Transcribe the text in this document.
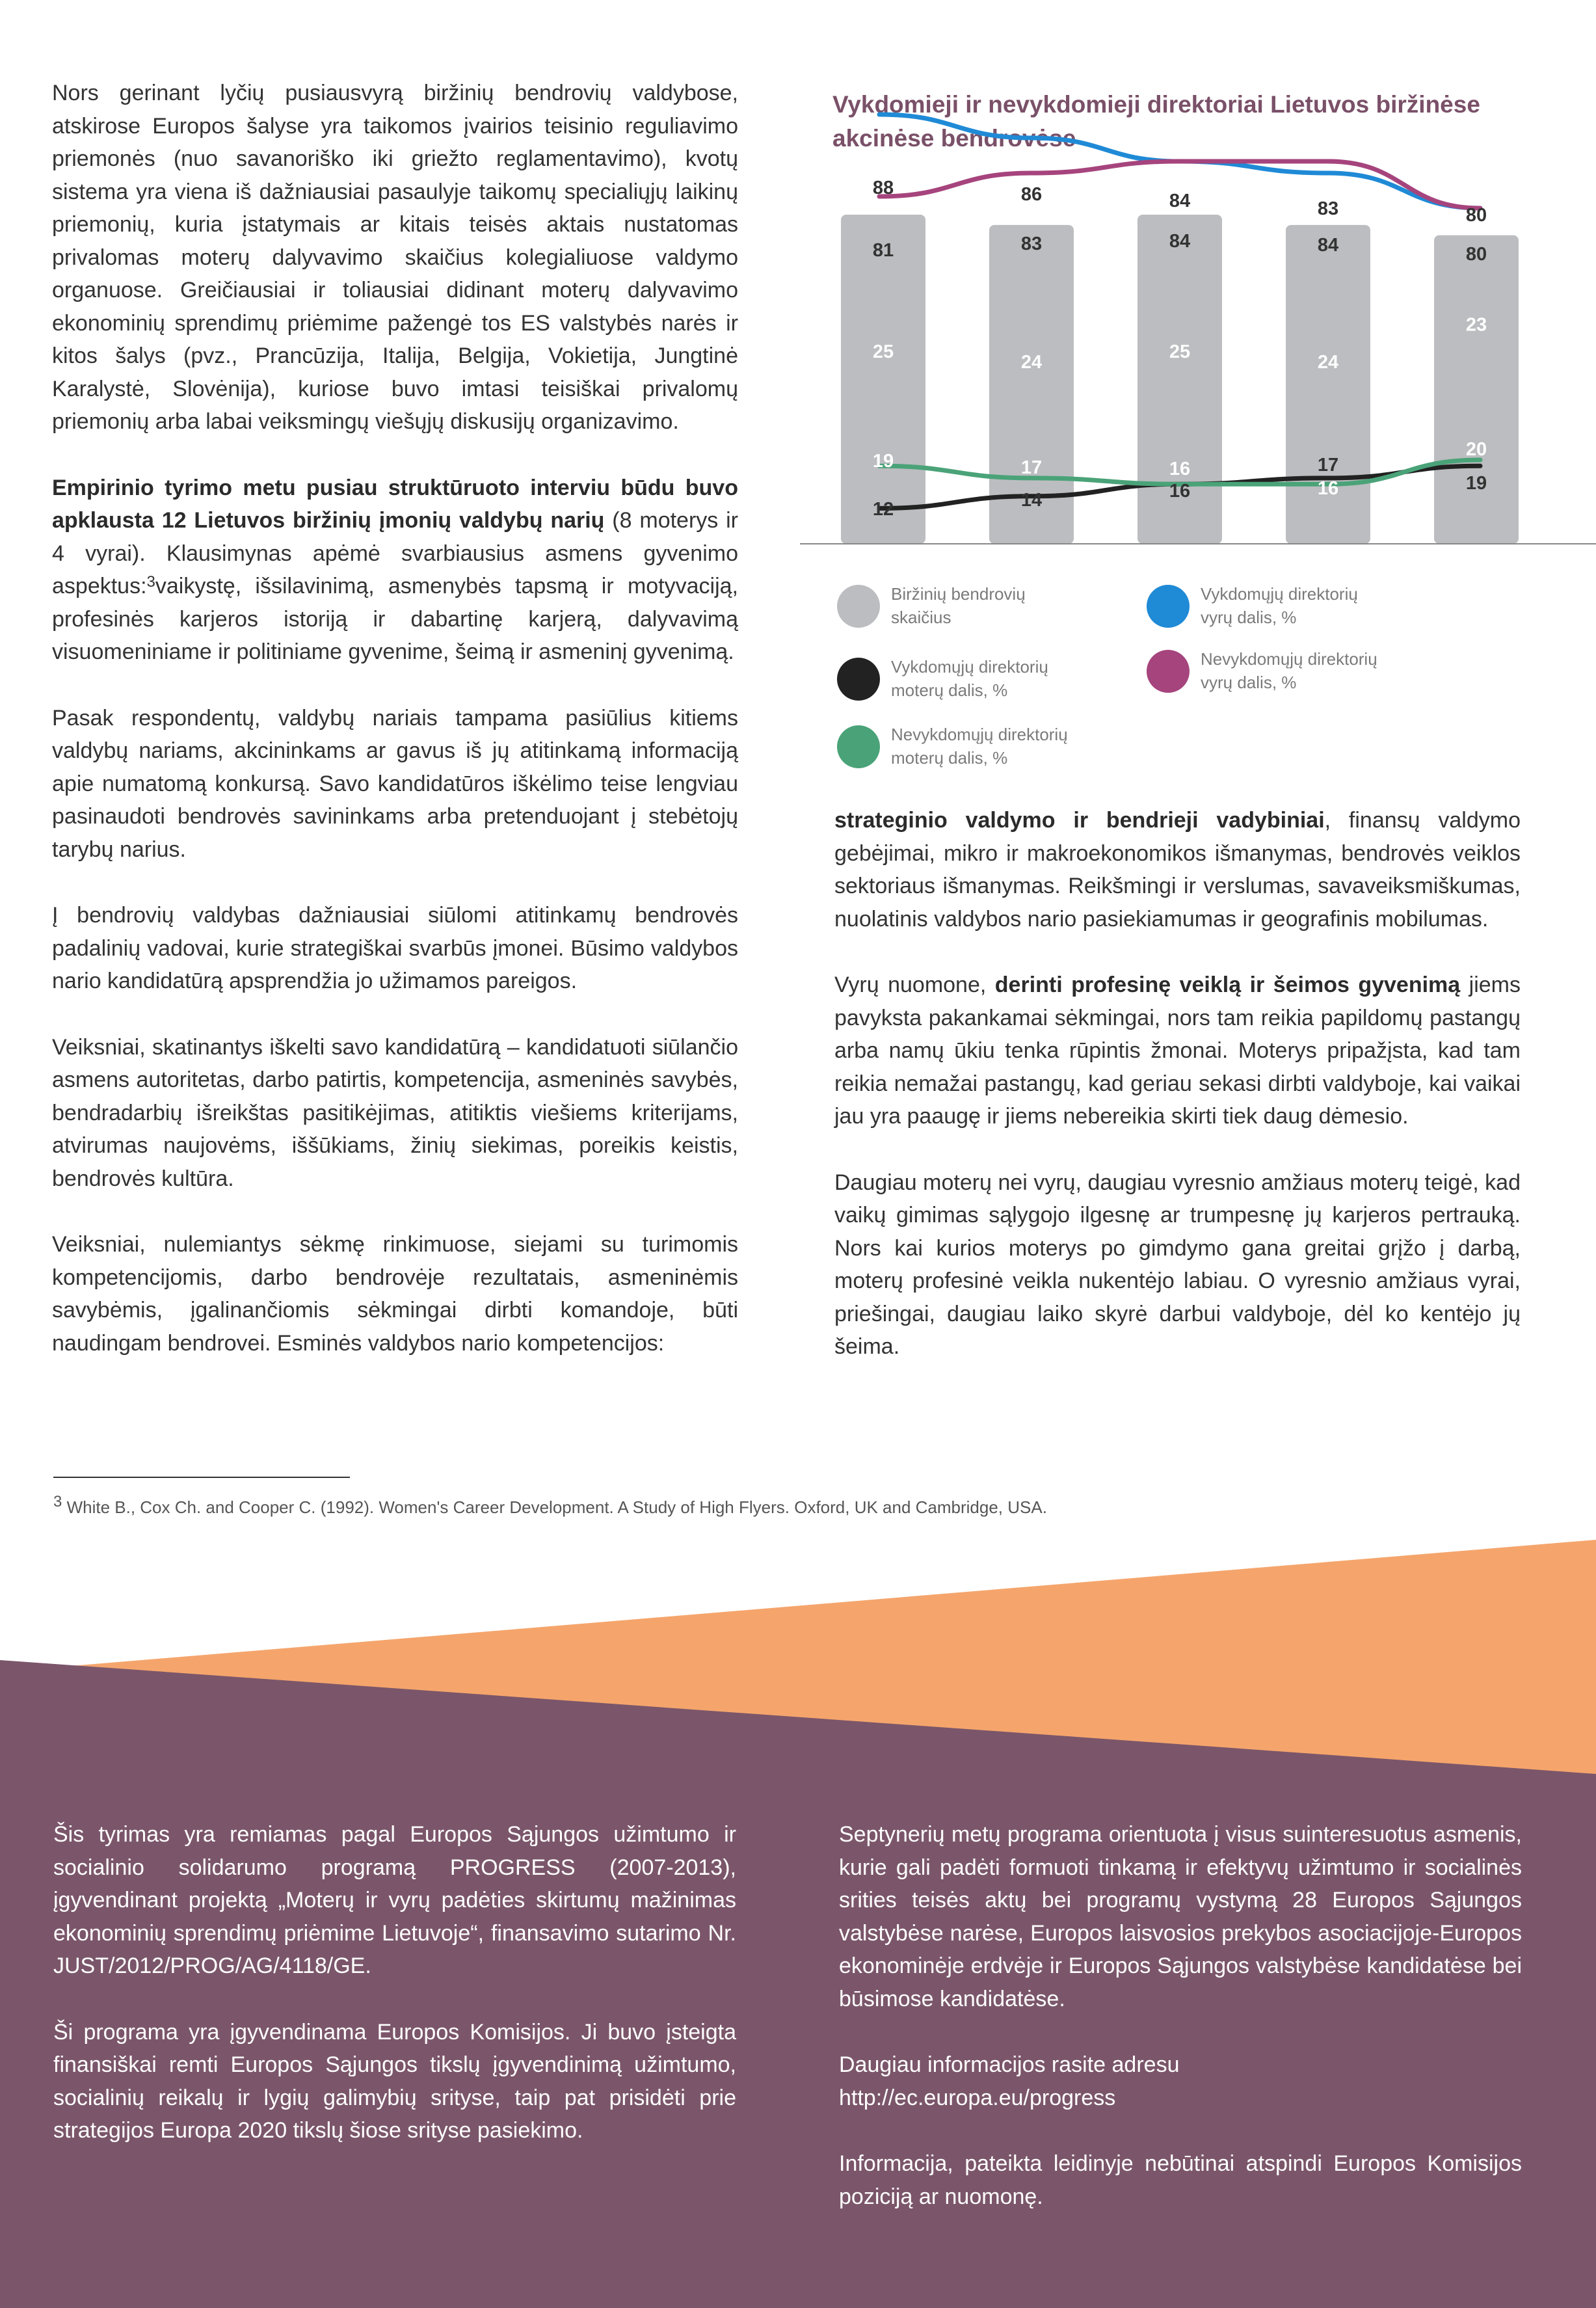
Nors gerinant lyčių pusiausvyrą biržinių bendrovių valdybose, atskirose Europos šalyse yra taikomos įvairios teisinio reguliavimo priemonės (nuo savanoriško iki griežto reglamentavimo), kvotų sistema yra viena iš dažniausiai pasaulyje taikomų specialiųjų laikinų priemonių, kuria įstatymais ar kitais teisės aktais nustatomas privalomas moterų dalyvavimo skaičius kolegialiuose valdymo organuose. Greičiausiai ir toliausiai didinant moterų dalyvavimo ekonominių sprendimų priėmime pažengė tos ES valstybės narės ir kitos šalys (pvz., Prancūzija, Italija, Belgija, Vokietija, Jungtinė Karalystė, Slovėnija), kuriose buvo imtasi teisiškai privalomų priemonių arba labai veiksmingų viešųjų diskusijų organizavimo.

Empirinio tyrimo metu pusiau struktūruoto interviu būdu buvo apklausta 12 Lietuvos biržinių įmonių valdybų narių (8 moterys ir 4 vyrai). Klausimynas apėmė svarbiausius asmens gyvenimo aspektus:$^3$vaikystę, išsilavinimą, asmenybės tapsmą ir motyvaciją, profesinės karjeros istoriją ir dabartinę karjerą, dalyvavimą visuomeniniame ir politiniame gyvenime, šeimą ir asmeninį gyvenimą.

Pasak respondentų, valdybų nariais tampama pasiūlius kitiems valdybų nariams, akcininkams ar gavus iš jų atitinkamą informaciją apie numatomą konkursą. Savo kandidatūros iškėlimo teise lengviau pasinaudoti bendrovės savininkams arba pretenduojant į stebėtojų tarybų narius.

Į bendrovių valdybas dažniausiai siūlomi atitinkamų bendrovės padalinių vadovai, kurie strategiškai svarbūs įmonei. Būsimo valdybos nario kandidatūrą apsprendžia jo užimamos pareigos.

Veiksniai, skatinantys iškelti savo kandidatūrą – kandidatuoti siūlančio asmens autoritetas, darbo patirtis, kompetencija, asmeninės savybės, bendradarbių išreikštas pasitikėjimas, atitiktis viešiems kriterijams, atvirumas naujovėms, iššūkiams, žinių siekimas, poreikis keistis, bendrovės kultūra.

Veiksniai, nulemiantys sėkmę rinkimuose, siejami su turimomis kompetencijomis, darbo bendrovėje rezultatais, asmeninėmis savybėmis, įgalinančiomis sėkmingai dirbti komandoje, būti naudingam bendrovei. Esminės valdybos nario kompetencijos:

Vykdomieji ir nevykdomieji direktoriai Lietuvos biržinėse akcinėse bendrovėse
25	24	25	24
23
88	86	84	83	80
81	83	84	84	80
19	17	16
16
20
12	14	16
17
19
Biržinių bendrovių skaičius
Vykdomųjų direktorių vyrų dalis, %
Vykdomųjų direktorių moterų dalis, %
Nevykdomųjų direktorių vyrų dalis, %
Nevykdomųjų direktorių moterų dalis, %

strateginio valdymo ir bendrieji vadybiniai, finansų valdymo gebėjimai, mikro ir makroekonomikos išmanymas, bendrovės veiklos sektoriaus išmanymas. Reikšmingi ir verslumas, savaveiksmiškumas, nuolatinis valdybos nario pasiekiamumas ir geografinis mobilumas.

Vyrų nuomone, derinti profesinę veiklą ir šeimos gyvenimą jiems pavyksta pakankamai sėkmingai, nors tam reikia papildomų pastangų arba namų ūkiu tenka rūpintis žmonai. Moterys pripažįsta, kad tam reikia nemažai pastangų, kad geriau sekasi dirbti valdyboje, kai vaikai jau yra paaugę ir jiems nebereikia skirti tiek daug dėmesio.

Daugiau moterų nei vyrų, daugiau vyresnio amžiaus moterų teigė, kad vaikų gimimas sąlygojo ilgesnę ar trumpesnę jų karjeros pertrauką. Nors kai kurios moterys po gimdymo gana greitai grįžo į darbą, moterų profesinė veikla nukentėjo labiau. O vyresnio amžiaus vyrai, priešingai, daugiau laiko skyrė darbui valdyboje, dėl ko kentėjo jų šeima.

$^3$ White B., Cox Ch. and Cooper C. (1992). Women's Career Development. A Study of High Flyers. Oxford, UK and Cambridge, USA.

Šis tyrimas yra remiamas pagal Europos Sąjungos užimtumo ir socialinio solidarumo programą PROGRESS (2007-2013), įgyvendinant projektą „Moterų ir vyrų padėties skirtumų mažinimas ekonominių sprendimų priėmime Lietuvoje“, finansavimo sutarimo Nr. JUST/2012/PROG/AG/4118/GE.

Ši programa yra įgyvendinama Europos Komisijos. Ji buvo įsteigta finansiškai remti Europos Sąjungos tikslų įgyvendinimą užimtumo, socialinių reikalų ir lygių galimybių srityse, taip pat prisidėti prie strategijos Europa 2020 tikslų šiose srityse pasiekimo.

Septynerių metų programa orientuota į visus suinteresuotus asmenis, kurie gali padėti formuoti tinkamą ir efektyvų užimtumo ir socialinės srities teisės aktų bei programų vystymą 28 Europos Sąjungos valstybėse narėse, Europos laisvosios prekybos asociacijoje-Europos ekonominėje erdvėje ir Europos Sąjungos valstybėse kandidatėse bei būsimose kandidatėse.

Daugiau informacijos rasite adresu
http://ec.europa.eu/progress

Informacija, pateikta leidinyje nebūtinai atspindi Europos Komisijos poziciją ar nuomonę.
